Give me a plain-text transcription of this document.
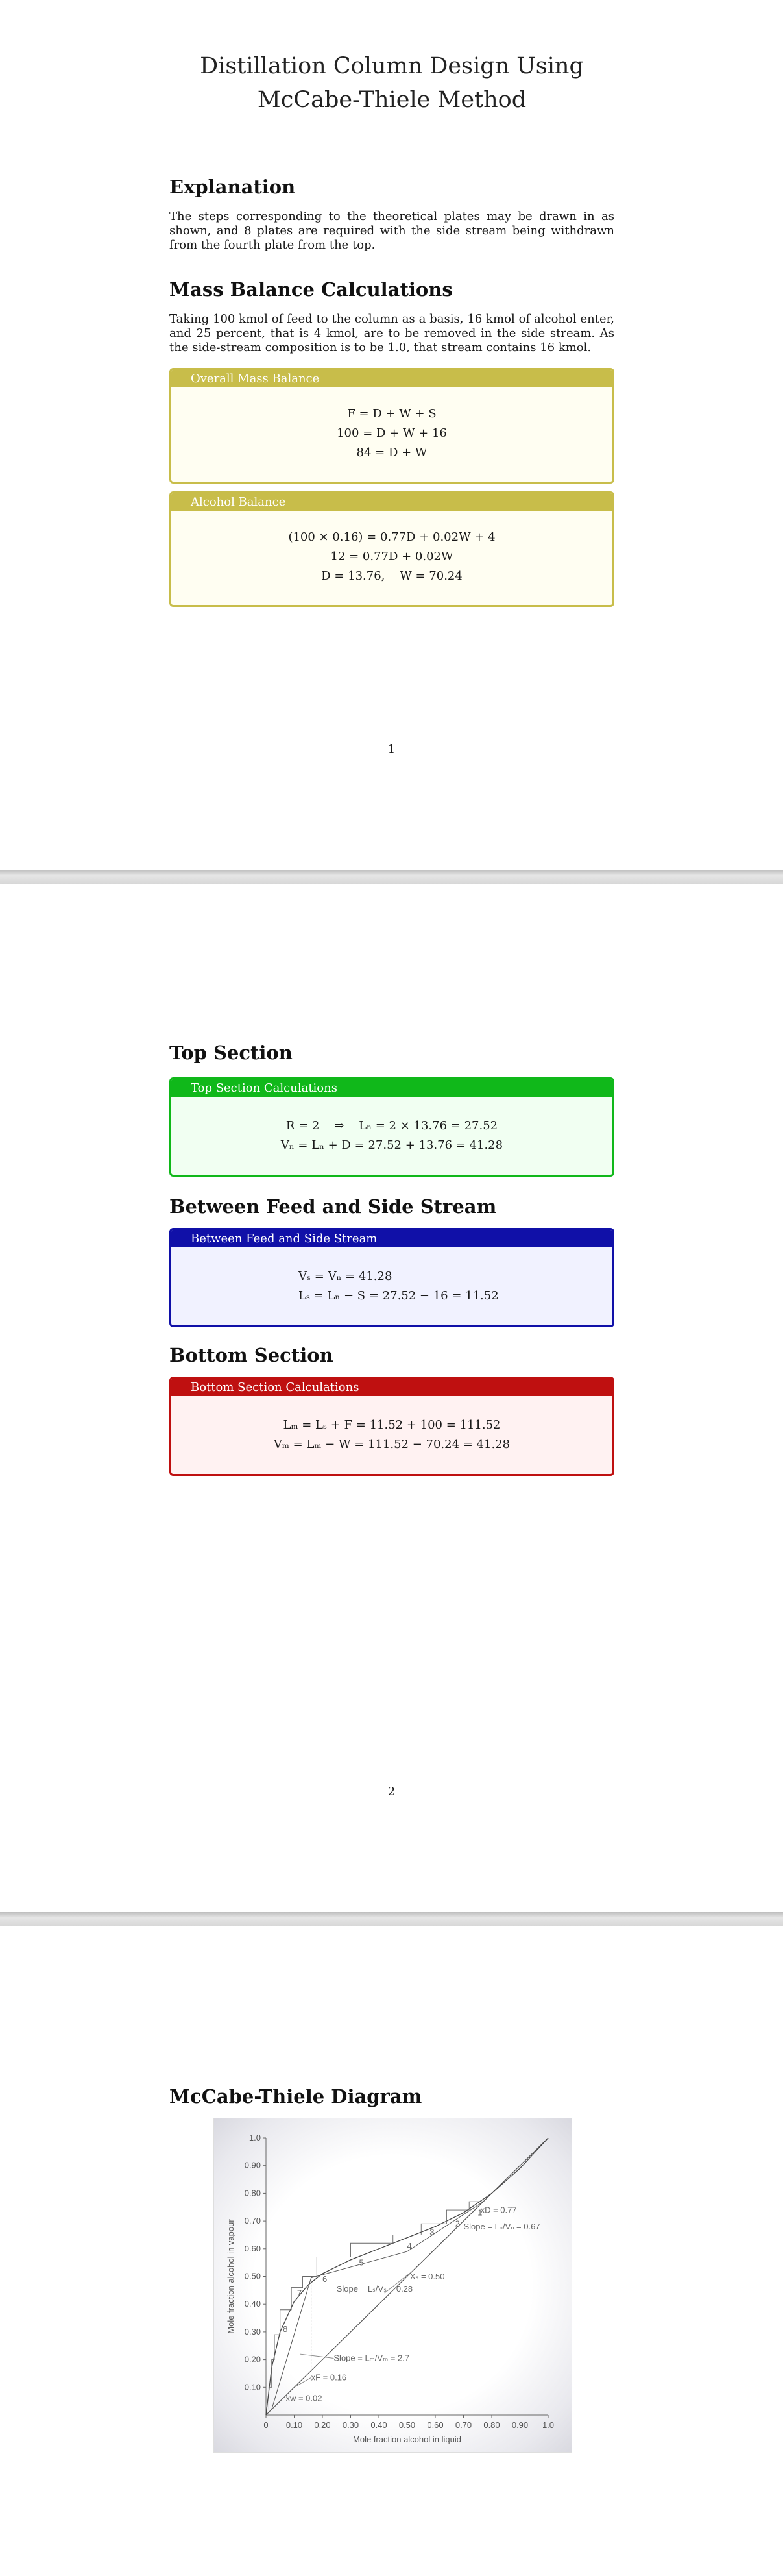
Distillation Column Design Using McCabe-Thiele Method
Explanation

The steps corresponding to the theoretical plates may be drawn in as shown, and 8 plates are required with the side stream being withdrawn from the fourth plate from the top.

Mass Balance Calculations

Taking 100 kmol of feed to the column as a basis, 16 kmol of alcohol enter, and 25 percent, that is 4 kmol, are to be removed in the side stream. As the side-stream composition is to be 1.0, that stream contains 16 kmol.

Overall Mass Balance
F = D + W + S
100 = D + W + 16
84 = D + W
Alcohol Balance
(100 × 0.16) = 0.77D + 0.02W + 4
12 = 0.77D + 0.02W
D = 13.76,    W = 70.24
1
Top Section
Top Section Calculations
R = 2    ⇒    Lₙ = 2 × 13.76 = 27.52
Vₙ = Lₙ + D = 27.52 + 13.76 = 41.28
Between Feed and Side Stream
Between Feed and Side Stream
Vₛ = Vₙ = 41.28
Lₛ = Lₙ − S = 27.52 − 16 = 11.52
Bottom Section
Bottom Section Calculations
Lₘ = Lₛ + F = 11.52 + 100 = 111.52
Vₘ = Lₘ − W = 111.52 − 70.24 = 41.28
2
McCabe-Thiele Diagram
0 0.10 0.20 0.30 0.40 0.50 0.60 0.70 0.80 0.90 1.0
0.10
0.20
0.30
0.40
0.50
0.60
0.70
0.80
0.90
1.0
Mole fraction alcohol in liquid
Mole fraction alcohol in vapour
1
2
3
4
5
6
7
8
xD = 0.77
Slope = Lₙ/Vₙ = 0.67
Xₛ = 0.50
Slope = Lₛ/Vₛ = 0.28
Slope = Lₘ/Vₘ = 2.7
xF = 0.16
xw = 0.02
